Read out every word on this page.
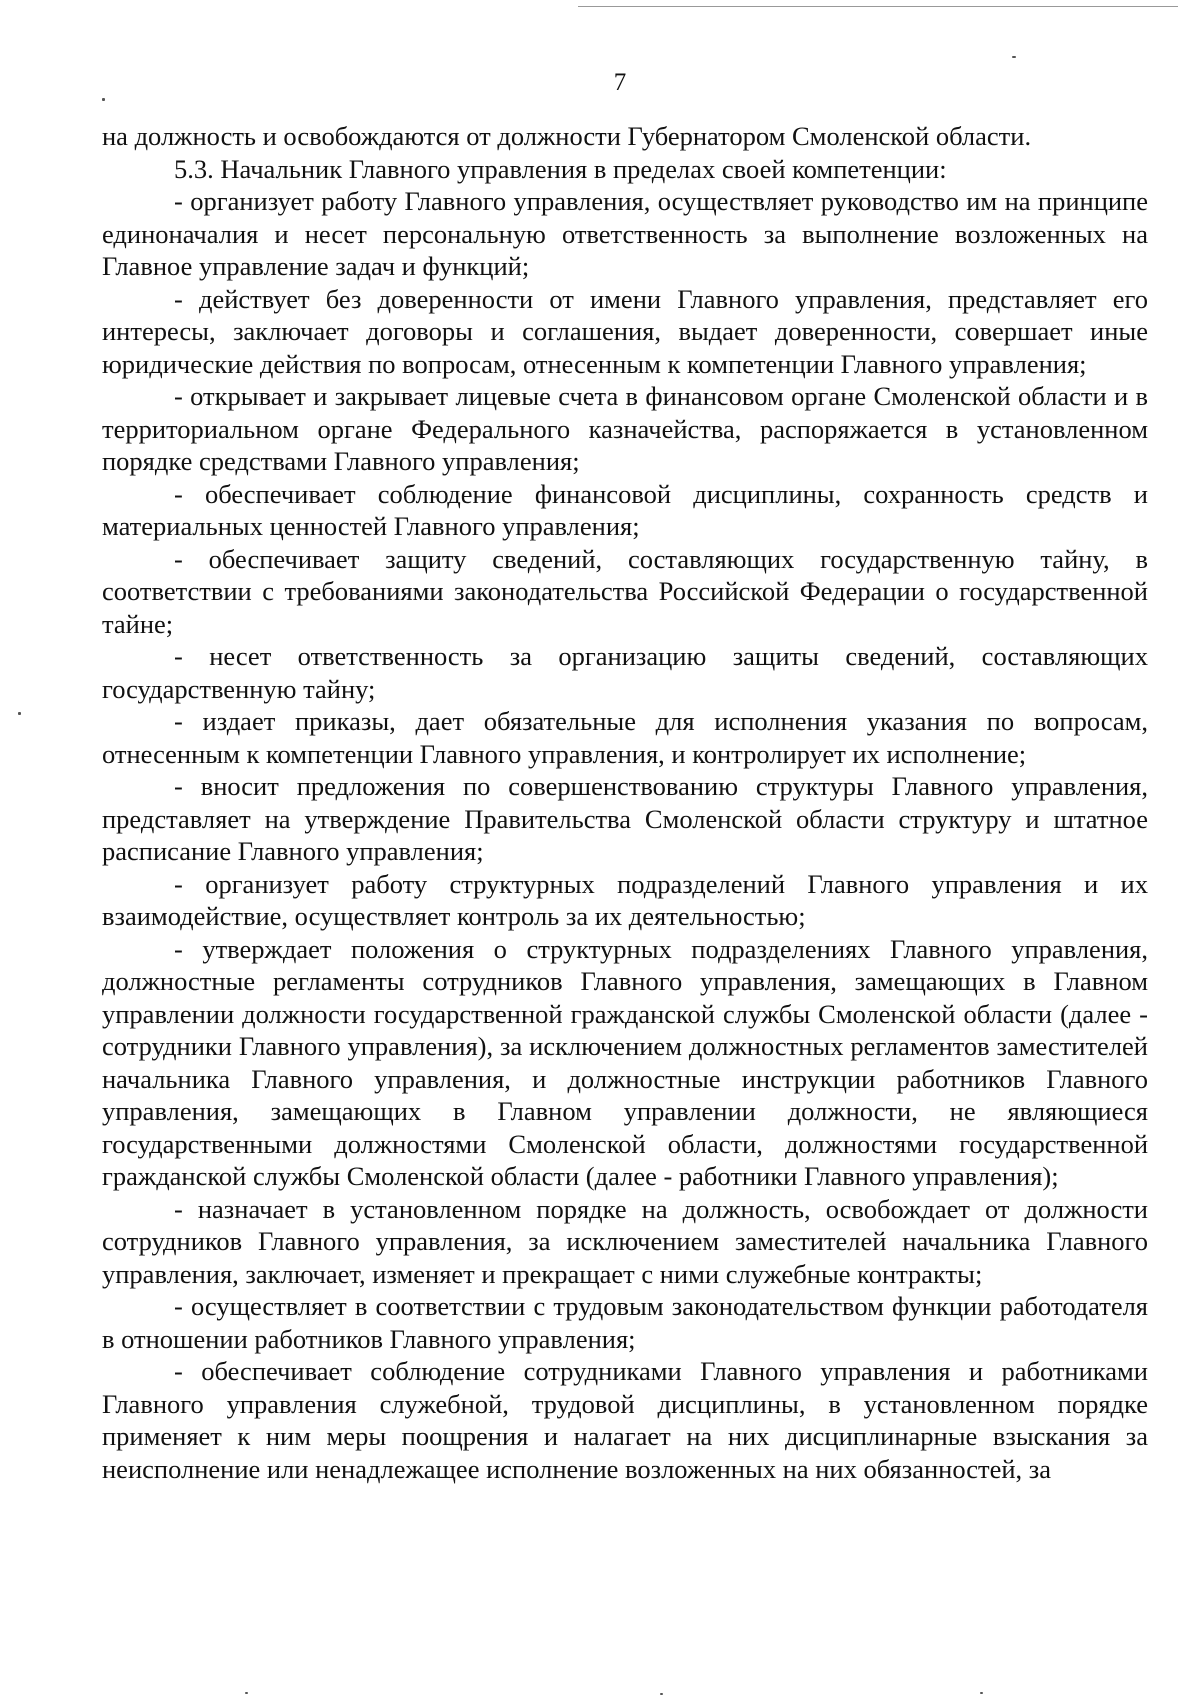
7

на должность и освобождаются от должности Губернатором Смоленской области.

5.3. Начальник Главного управления в пределах своей компетенции:

- организует работу Главного управления, осуществляет руководство им на принципе единоначалия и несет персональную ответственность за выполнение возложенных на Главное управление задач и функций;

- действует без доверенности от имени Главного управления, представляет его интересы, заключает договоры и соглашения, выдает доверенности, совершает иные юридические действия по вопросам, отнесенным к компетенции Главного управления;

- открывает и закрывает лицевые счета в финансовом органе Смоленской области и в территориальном органе Федерального казначейства, распоряжается в установленном порядке средствами Главного управления;

- обеспечивает соблюдение финансовой дисциплины, сохранность средств и материальных ценностей Главного управления;

- обеспечивает защиту сведений, составляющих государственную тайну, в соответствии с требованиями законодательства Российской Федерации о государственной тайне;

- несет ответственность за организацию защиты сведений, составляющих государственную тайну;

- издает приказы, дает обязательные для исполнения указания по вопросам, отнесенным к компетенции Главного управления, и контролирует их исполнение;

- вносит предложения по совершенствованию структуры Главного управления, представляет на утверждение Правительства Смоленской области структуру и штатное расписание Главного управления;

- организует работу структурных подразделений Главного управления и их взаимодействие, осуществляет контроль за их деятельностью;

- утверждает положения о структурных подразделениях Главного управления, должностные регламенты сотрудников Главного управления, замещающих в Главном управлении должности государственной гражданской службы Смоленской области (далее - сотрудники Главного управления), за исключением должностных регламентов заместителей начальника Главного управления, и должностные инструкции работников Главного управления, замещающих в Главном управлении должности, не являющиеся государственными должностями Смоленской области, должностями государственной гражданской службы Смоленской области (далее - работники Главного управления);

- назначает в установленном порядке на должность, освобождает от должности сотрудников Главного управления, за исключением заместителей начальника Главного управления, заключает, изменяет и прекращает с ними служебные контракты;

- осуществляет в соответствии с трудовым законодательством функции работодателя в отношении работников Главного управления;

- обеспечивает соблюдение сотрудниками Главного управления и работниками Главного управления служебной, трудовой дисциплины, в установленном порядке применяет к ним меры поощрения и налагает на них дисциплинарные взыскания за неисполнение или ненадлежащее исполнение возложенных на них обязанностей, за
